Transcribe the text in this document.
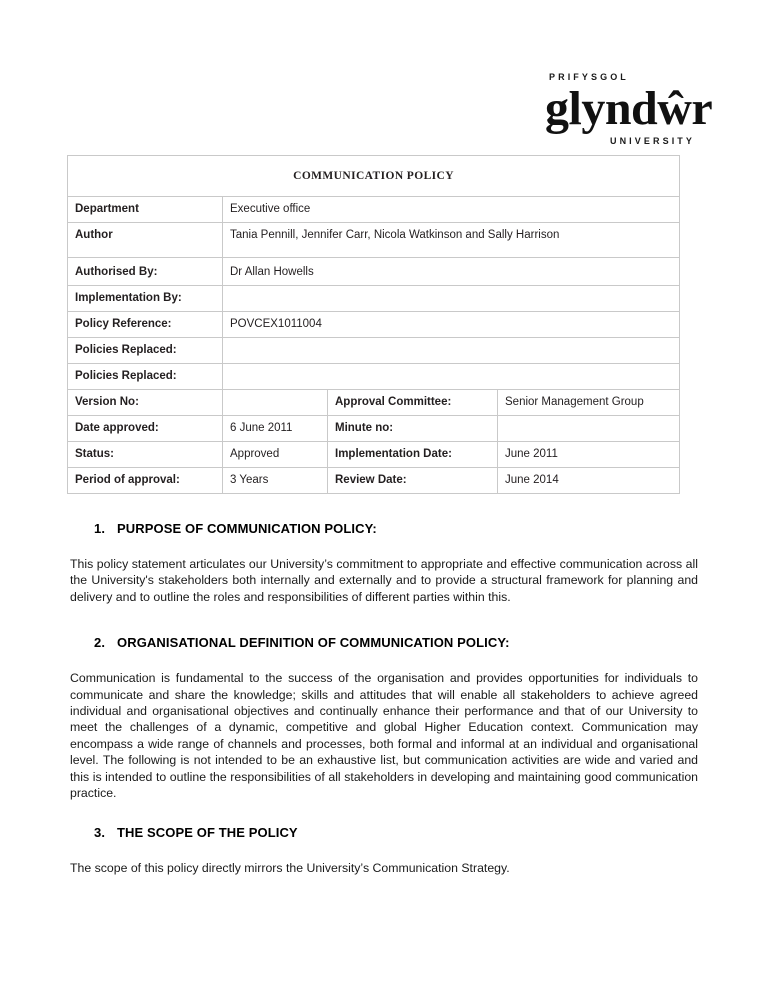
PRIFYSGOL
glyndŵr
UNIVERSITY
COMMUNICATION POLICY			
Department	Executive office		
Author	Tania Pennill, Jennifer Carr, Nicola Watkinson and Sally Harrison		
Authorised By:	Dr Allan Howells		
Implementation By:			
Policy Reference:	POVCEX1011004		
Policies Replaced:			
Policies Replaced:			
Version No:		Approval Committee:	Senior Management Group
Date approved:	6 June 2011	Minute no:	
Status:	Approved	Implementation Date:	June 2011
Period of approval:	3 Years	Review Date:	June 2014
1. PURPOSE OF COMMUNICATION POLICY:

This policy statement articulates our University’s commitment to appropriate and effective communication across all the University's stakeholders both internally and externally and to provide a structural framework for planning and delivery and to outline the roles and responsibilities of different parties within this.

2. ORGANISATIONAL DEFINITION OF COMMUNICATION POLICY:

Communication is fundamental to the success of the organisation and provides opportunities for individuals to communicate and share the knowledge; skills and attitudes that will enable all stakeholders to achieve agreed individual and organisational objectives and continually enhance their performance and that of our University to meet the challenges of a dynamic, competitive and global Higher Education context. Communication may encompass a wide range of channels and processes, both formal and informal at an individual and organisational level. The following is not intended to be an exhaustive list, but communication activities are wide and varied and this is intended to outline the responsibilities of all stakeholders in developing and maintaining good communication practice.

3. THE SCOPE OF THE POLICY

The scope of this policy directly mirrors the University’s Communication Strategy.
